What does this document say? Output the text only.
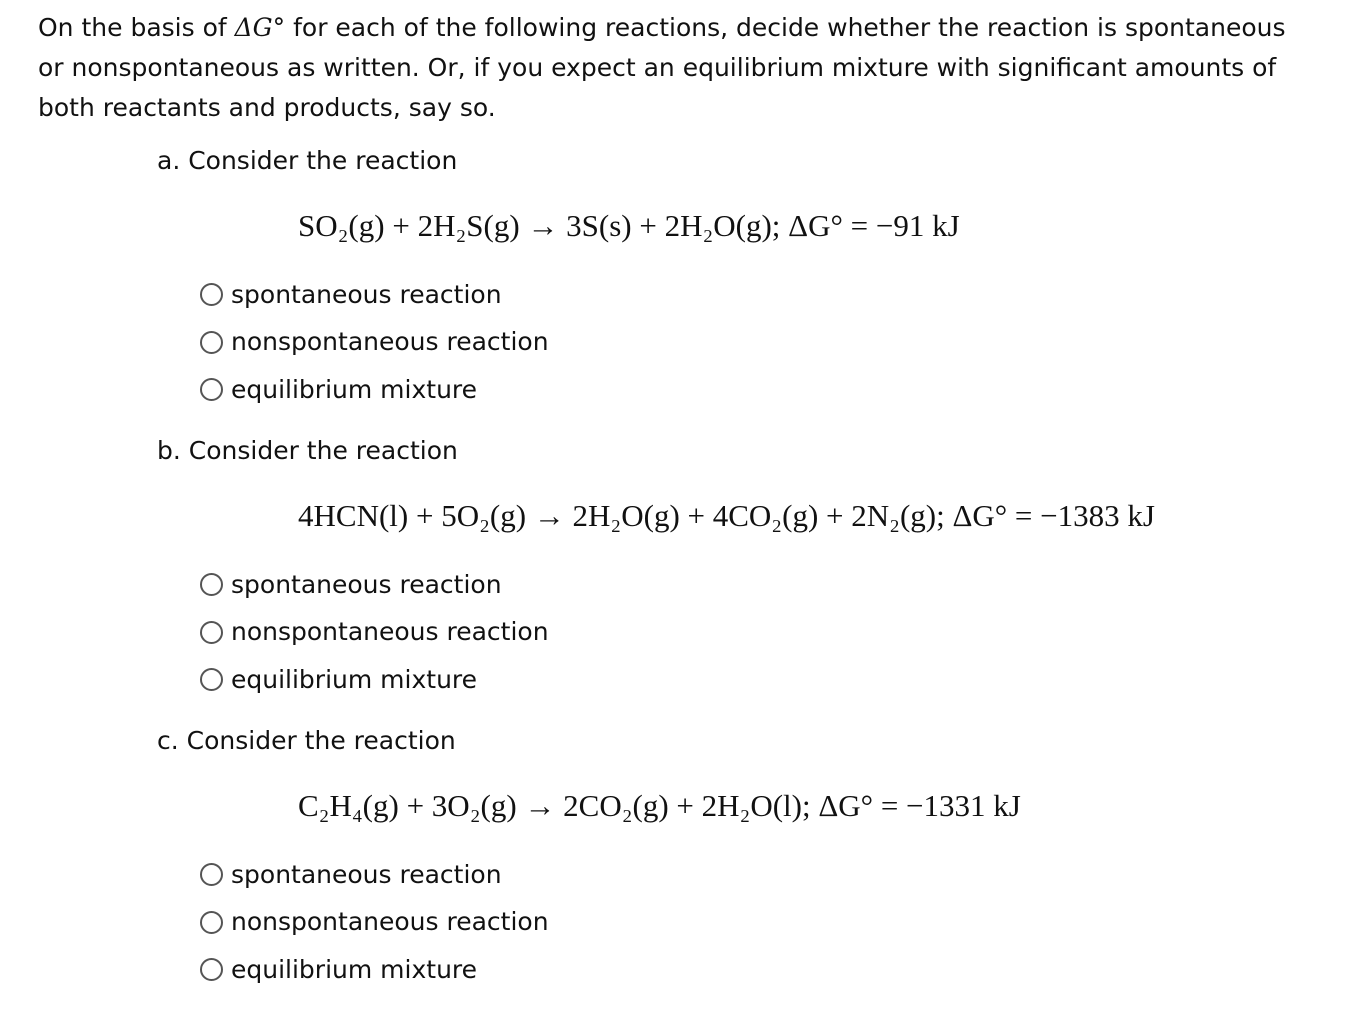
On the basis of ΔG° for each of the following reactions, decide whether the reaction is spontaneous or nonspontaneous as written. Or, if you expect an equilibrium mixture with significant amounts of both reactants and products, say so.

a. Consider the reaction

SO₂(g) + 2H₂S(g) → 3S(s) + 2H₂O(g); ΔG° = −91 kJ

spontaneous reaction
nonspontaneous reaction
equilibrium mixture

b. Consider the reaction

4HCN(l) + 5O₂(g) → 2H₂O(g) + 4CO₂(g) + 2N₂(g); ΔG° = −1383 kJ

spontaneous reaction
nonspontaneous reaction
equilibrium mixture

c. Consider the reaction

C₂H₄(g) + 3O₂(g) → 2CO₂(g) + 2H₂O(l); ΔG° = −1331 kJ

spontaneous reaction
nonspontaneous reaction
equilibrium mixture
